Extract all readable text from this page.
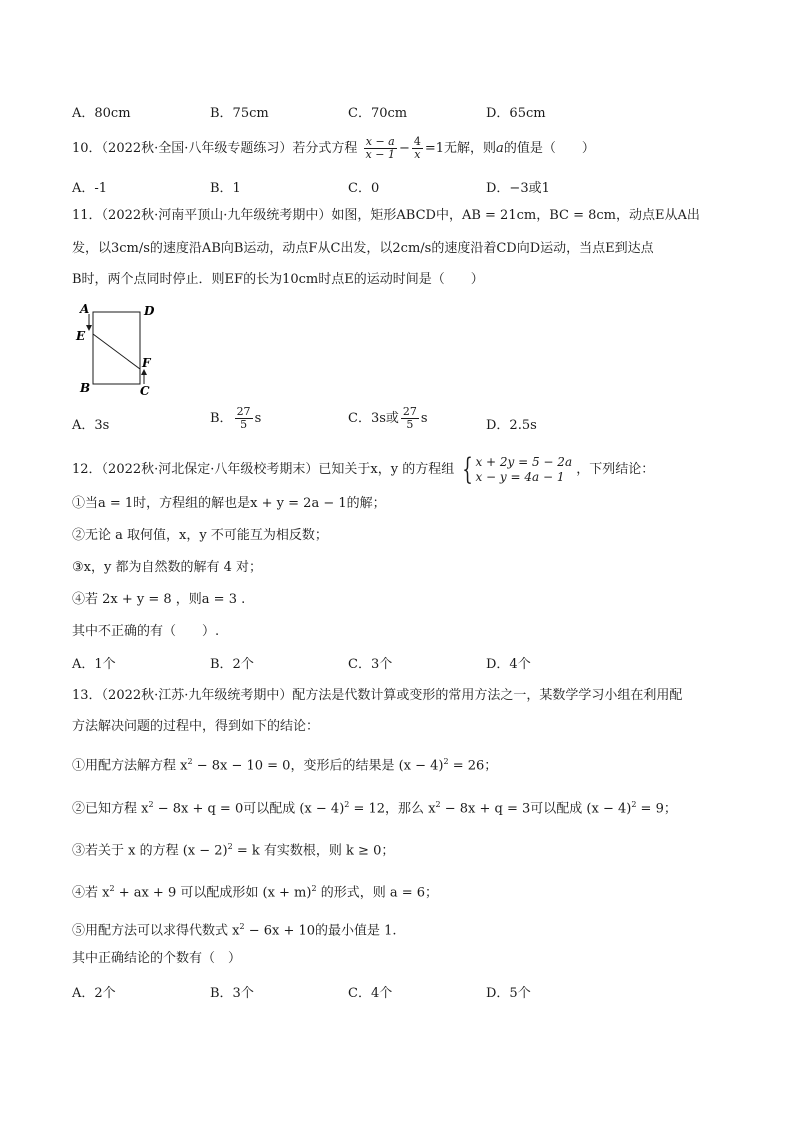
A．80cm	B．75cm	C．70cm	D．65cm
10．（2022秋·全国·八年级专题练习）若分式方程 $\frac{x - a}{x - 1} - \frac{4}{x} =1$无解，则a的值是（　　）
A．-1	B．1	C．0	D．−3或1
11．（2022秋·河南平顶山·九年级统考期中）如图，矩形ABCD中，AB = 21cm，BC = 8cm，动点E从A出
发，以3cm/s的速度沿AB向B运动，动点F从C出发，以2cm/s的速度沿着CD向D运动，当点E到达点
B时，两个点同时停止．则EF的长为10cm时点E的运动时间是（　　）
A	D
E
F
B	C
A．3s	B． $\frac{27}{5}$ s	C．3s或 $\frac{27}{5}$ s	D．2.5s
12．（2022秋·河北保定·八年级校考期末）已知关于x，y 的方程组 { x + 2y = 5 − 2a
x − y = 4a − 1 ，下列结论：
①当a = 1时，方程组的解也是x + y = 2a − 1的解；
②无论 a 取何值，x，y 不可能互为相反数；
③x，y 都为自然数的解有 4 对；
④若 2x + y = 8 ，则a = 3 .
其中不正确的有（　　）.
A．1个	B．2个	C．3个	D．4个
13．（2022秋·江苏·九年级统考期中）配方法是代数计算或变形的常用方法之一，某数学学习小组在利用配
方法解决问题的过程中，得到如下的结论：
①用配方法解方程 $x^2 - 8x - 10 = 0$，变形后的结果是 $(x - 4)^2 = 26$；
②已知方程 $x^2 - 8x + q = 0$可以配成 $(x - 4)^2 = 12$，那么 $x^2 - 8x + q = 3$可以配成 $(x - 4)^2 = 9$；
③若关于 x 的方程 $(x - 2)^2 = k$ 有实数根，则 k ≥ 0；
④若 $x^2$ + ax + 9 可以配成形如 $(x + m)^2$ 的形式，则 a = 6；
⑤用配方法可以求得代数式 $x^2 - 6x + 10$的最小值是 1.
其中正确结论的个数有（　）
A．2个	B．3个	C．4个	D．5个
